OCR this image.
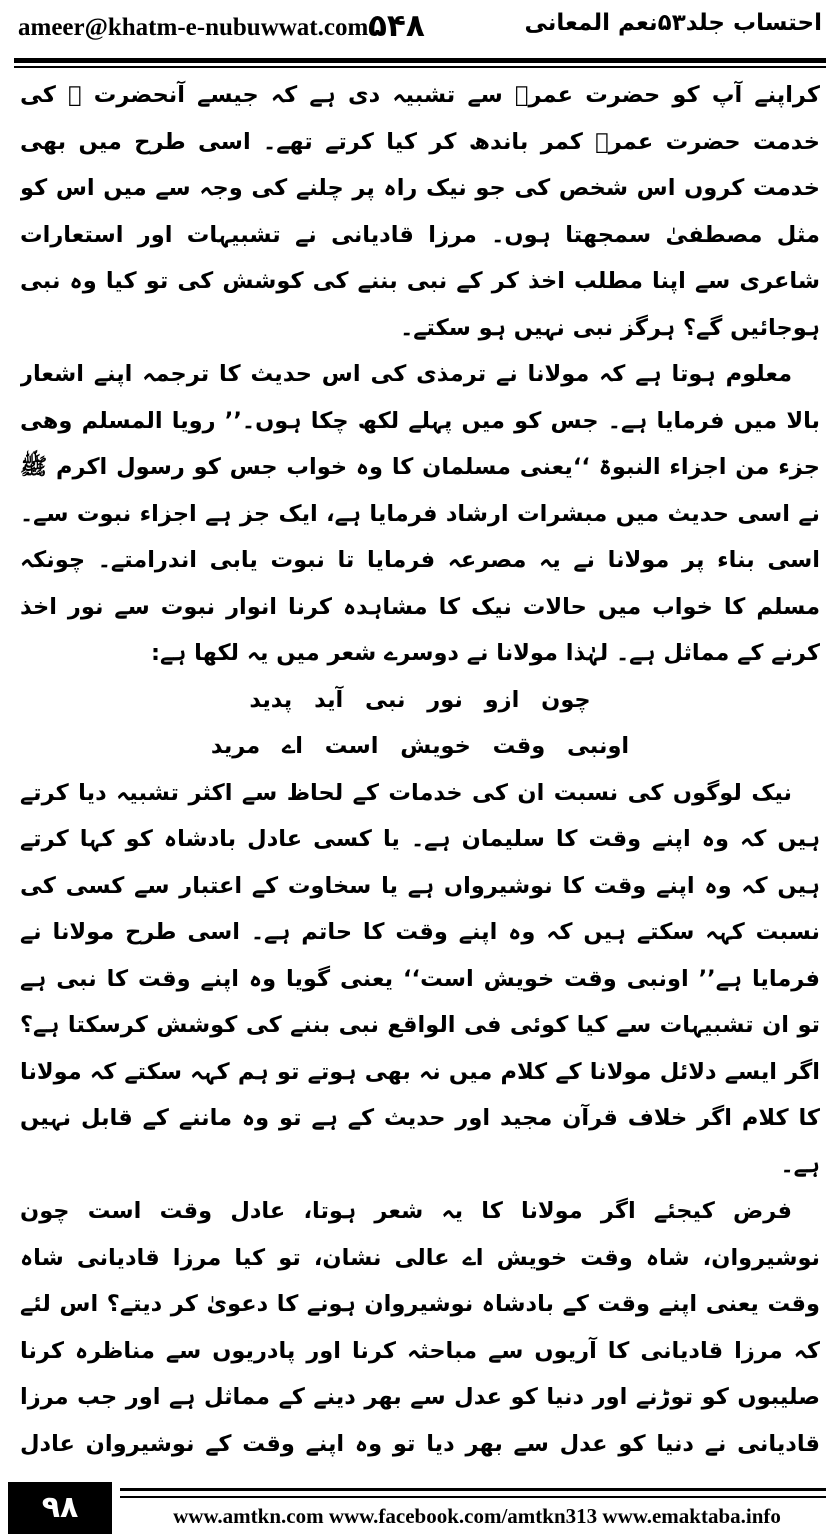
ameer@khatm-e-nubuwwat.com ۵۴۸	احتساب جلد۵۳نعم المعانی

کراپنے آپ کو حضرت عمرؓ سے تشبیہ دی ہے کہ جیسے آنحضرت ﷺ کی خدمت حضرت عمرؓ کمر باندھ کر کیا کرتے تھے۔ اسی طرح میں بھی خدمت کروں اس شخص کی جو نیک راہ پر چلنے کی وجہ سے میں اس کو مثل مصطفیٰ سمجھتا ہوں۔ مرزا قادیانی نے تشبیہات اور استعارات شاعری سے اپنا مطلب اخذ کر کے نبی بننے کی کوشش کی تو کیا وہ نبی ہوجائیں گے؟ ہرگز نبی نہیں ہو سکتے۔

معلوم ہوتا ہے کہ مولانا نے ترمذی کی اس حدیث کا ترجمہ اپنے اشعار بالا میں فرمایا ہے۔ جس کو میں پہلے لکھ چکا ہوں۔’’ رویا المسلم وھی جزء من اجزاء النبوۃ ‘‘یعنی مسلمان کا وہ خواب جس کو رسول اکرم ﷺ نے اسی حدیث میں مبشرات ارشاد فرمایا ہے، ایک جز ہے اجزاء نبوت سے۔ اسی بناء پر مولانا نے یہ مصرعہ فرمایا تا نبوت یابی اندرامتے۔ چونکہ مسلم کا خواب میں حالات نیک کا مشاہدہ کرنا انوار نبوت سے نور اخذ کرنے کے مماثل ہے۔ لہٰذا مولانا نے دوسرے شعر میں یہ لکھا ہے:

چون ازو نور نبی آید پدید
اونبی وقت خویش است اے مرید

نیک لوگوں کی نسبت ان کی خدمات کے لحاظ سے اکثر تشبیہ دیا کرتے ہیں کہ وہ اپنے وقت کا سلیمان ہے۔ یا کسی عادل بادشاہ کو کہا کرتے ہیں کہ وہ اپنے وقت کا نوشیرواں ہے یا سخاوت کے اعتبار سے کسی کی نسبت کہہ سکتے ہیں کہ وہ اپنے وقت کا حاتم ہے۔ اسی طرح مولانا نے فرمایا ہے’’ اونبی وقت خویش است‘‘ یعنی گویا وہ اپنے وقت کا نبی ہے تو ان تشبیہات سے کیا کوئی فی الواقع نبی بننے کی کوشش کرسکتا ہے؟ اگر ایسے دلائل مولانا کے کلام میں نہ بھی ہوتے تو ہم کہہ سکتے کہ مولانا کا کلام اگر خلاف قرآن مجید اور حدیث کے ہے تو وہ ماننے کے قابل نہیں ہے۔

فرض کیجئے اگر مولانا کا یہ شعر ہوتا، عادل وقت است چون نوشیروان، شاہ وقت خویش اے عالی نشان، تو کیا مرزا قادیانی شاہ وقت یعنی اپنے وقت کے بادشاہ نوشیروان ہونے کا دعویٰ کر دیتے؟ اس لئے کہ مرزا قادیانی کا آریوں سے مباحثہ کرنا اور پادریوں سے مناظرہ کرنا صلیبوں کو توڑنے اور دنیا کو عدل سے بھر دینے کے مماثل ہے اور جب مرزا قادیانی نے دنیا کو عدل سے بھر دیا تو وہ اپنے وقت کے نوشیروان عادل

۹۸	www.amtkn.com www.facebook.com/amtkn313 www.emaktaba.info
